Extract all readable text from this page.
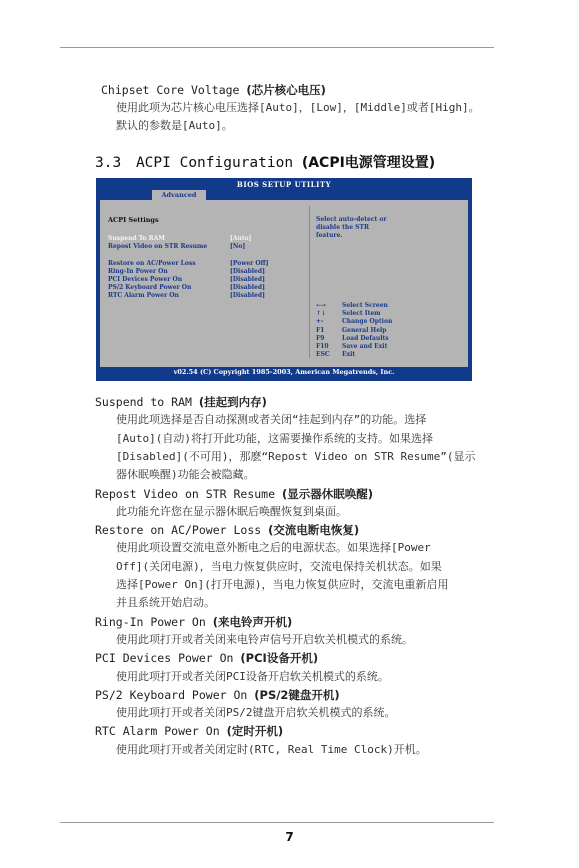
Chipset Core Voltage (芯片核心电压)
使用此项为芯片核心电压选择[Auto]，[Low]，[Middle]或者[High]。
默认的参数是[Auto]。
3.3 ACPI Configuration (ACPI电源管理设置)
BIOS SETUP UTILITY
Advanced
ACPI Settings
Suspend To RAM	[Auto]
Repost Video on STR Resume	[No]
Restore on AC/Power Loss	[Power Off]
Ring-In Power On	[Disabled]
PCI Devices Power On	[Disabled]
PS/2 Keyboard Power On	[Disabled]
RTC Alarm Power On	[Disabled]
Select auto-detect or
disable the STR
feature.
←→	Select Screen
↑↓	Select Item
+-	Change Option
F1	General Help
F9	Load Defaults
F10 Save and Exit
ESC Exit
v02.54 (C) Copyright 1985-2003, American Megatrends, Inc.
Suspend to RAM (挂起到内存)
使用此项选择是否自动探测或者关闭“挂起到内存”的功能。选择
[Auto](自动)将打开此功能，这需要操作系统的支持。如果选择
[Disabled](不可用)，那麽“Repost Video on STR Resume”(显示
器休眠唤醒)功能会被隐藏。
Repost Video on STR Resume (显示器休眠唤醒)
此功能允许您在显示器休眠后唤醒恢复到桌面。
Restore on AC/Power Loss (交流电断电恢复)
使用此项设置交流电意外断电之后的电源状态。如果选择[Power
Off](关闭电源)，当电力恢复供应时，交流电保持关机状态。如果
选择[Power On](打开电源)，当电力恢复供应时，交流电重新启用
并且系统开始启动。
Ring-In Power On (来电铃声开机)
使用此项打开或者关闭来电铃声信号开启软关机模式的系统。
PCI Devices Power On (PCI设备开机)
使用此项打开或者关闭PCI设备开启软关机模式的系统。
PS/2 Keyboard Power On (PS/2键盘开机)
使用此项打开或者关闭PS/2键盘开启软关机模式的系统。
RTC Alarm Power On (定时开机)
使用此项打开或者关闭定时(RTC, Real Time Clock)开机。
7
